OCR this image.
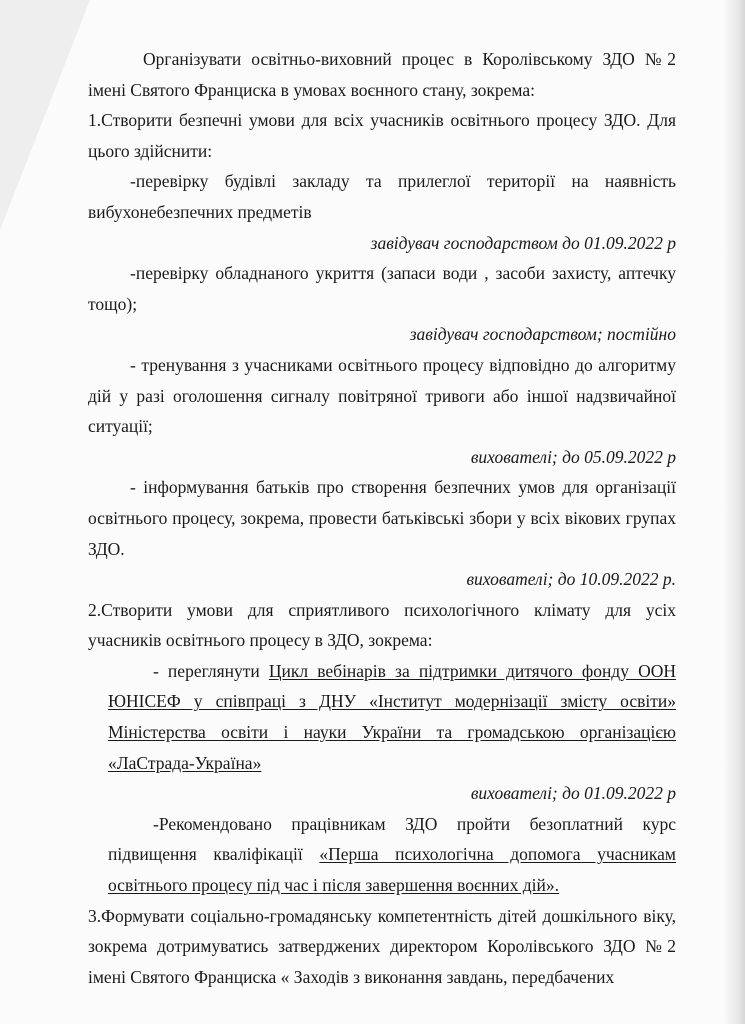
Організувати освітньо-виховний процес в Королівському ЗДО №2 імені Святого Франциска в умовах воєнного стану, зокрема:

1.Створити безпечні умови для всіх учасників освітнього процесу ЗДО. Для цього здійснити:

-перевірку будівлі закладу та прилеглої території на наявність вибухонебезпечних предметів

завідувач господарством до 01.09.2022 р

-перевірку обладнаного укриття (запаси води , засоби захисту, аптечку тощо);

завідувач господарством; постійно

- тренування з учасниками освітнього процесу відповідно до алгоритму дій у разі оголошення сигналу повітряної тривоги або іншої надзвичайної ситуації;

вихователі; до 05.09.2022 р

- інформування батьків про створення безпечних умов для організації освітнього процесу, зокрема, провести батьківські збори у всіх вікових групах ЗДО.

вихователі; до 10.09.2022 р.

2.Створити умови для сприятливого психологічного клімату для усіх учасників освітнього процесу в ЗДО, зокрема:

- переглянути Цикл вебінарів за підтримки дитячого фонду ООН ЮНІСЕФ у співпраці з ДНУ «Інститут модернізації змісту освіти» Міністерства освіти і науки України та громадською організацією «ЛаСтрада-Україна»

вихователі; до 01.09.2022 р

-Рекомендовано працівникам ЗДО пройти безоплатний курс підвищення кваліфікації «Перша психологічна допомога учасникам освітнього процесу під час і після завершення воєнних дій».

3.Формувати соціально-громадянську компетентність дітей дошкільного віку, зокрема дотримуватись затверджених директором Королівського ЗДО №2 імені Святого Франциска « Заходів з виконання завдань, передбачених
